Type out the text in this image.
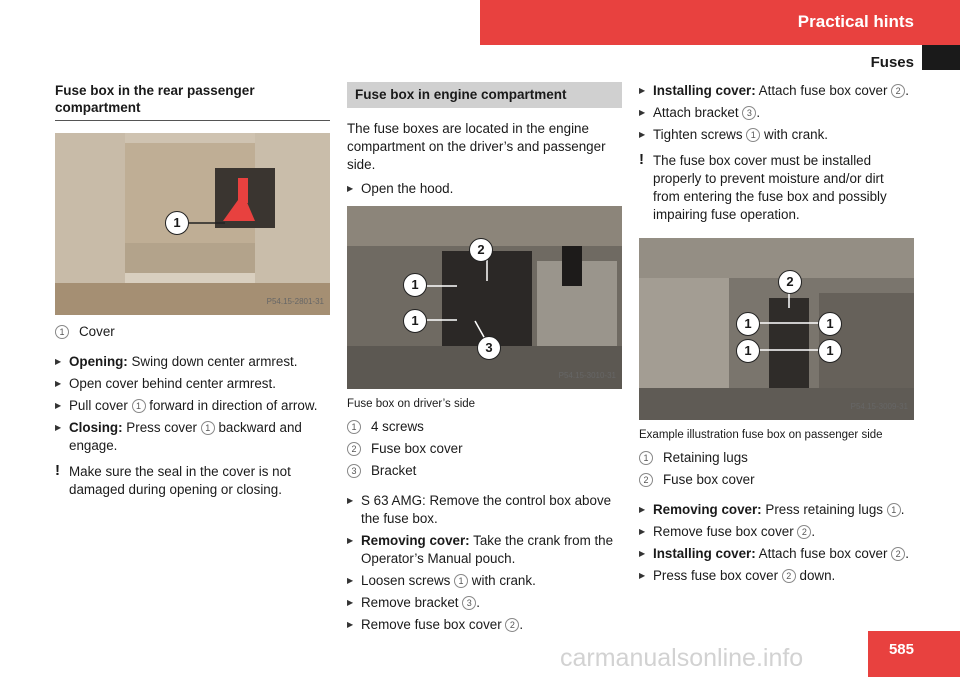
Practical hints
Fuses
Fuse box in the rear passenger compartment
1
P54.15-2801-31
1	Cover
▶ Opening: Swing down center armrest.
▶ Open cover behind center armrest.
▶ Pull cover 1 forward in direction of arrow.
▶ Closing: Press cover 1 backward and engage.
! Make sure the seal in the cover is not damaged during opening or closing.
Fuse box in engine compartment

The fuse boxes are located in the engine compartment on the driver’s and passenger side.

▶ Open the hood.
2
1
1
3
P54.15-3010-31
Fuse box on driver’s side
1	4 screws
2	Fuse box cover
3	Bracket
▶ S 63 AMG: Remove the control box above the fuse box.
▶ Removing cover: Take the crank from the Operator’s Manual pouch.
▶ Loosen screws 1 with crank.
▶ Remove bracket 3 .
▶ Remove fuse box cover 2 .
▶ Installing cover: Attach fuse box cover 2 .
▶ Attach bracket 3 .
▶ Tighten screws 1 with crank.
! The fuse box cover must be installed properly to prevent moisture and/or dirt from entering the fuse box and possibly impairing fuse operation.
2
1
1
1
1
P54.15-3009-31
Example illustration fuse box on passenger side
1	Retaining lugs
2	Fuse box cover
▶ Removing cover: Press retaining lugs 1 .
▶ Remove fuse box cover 2 .
▶ Installing cover: Attach fuse box cover 2 .
▶ Press fuse box cover 2 down.
carmanualsonline.info	585
